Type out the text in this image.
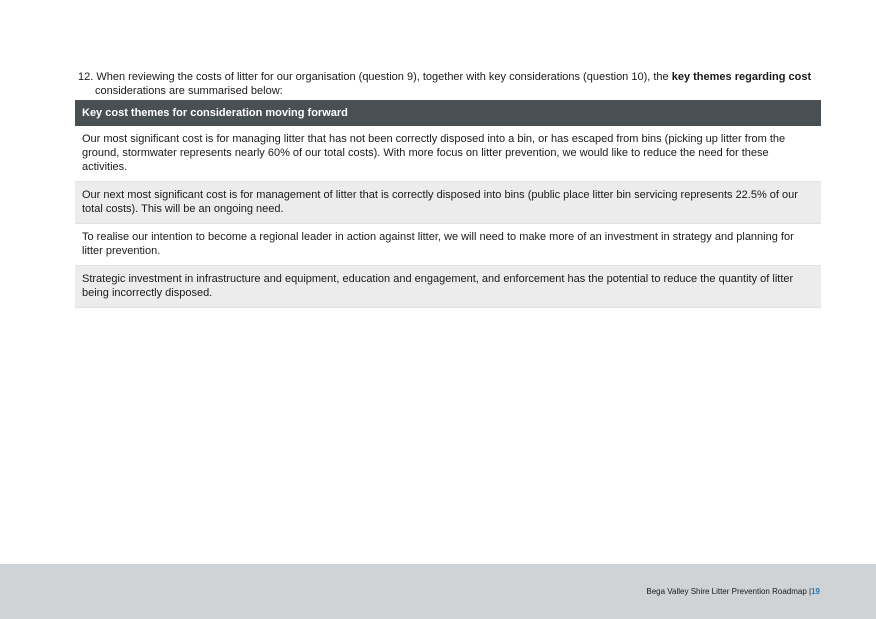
12. When reviewing the costs of litter for our organisation (question 9), together with key considerations (question 10), the key themes regarding cost considerations are summarised below:

Key cost themes for consideration moving forward
Our most significant cost is for managing litter that has not been correctly disposed into a bin, or has escaped from bins (picking up litter from the ground, stormwater represents nearly 60% of our total costs). With more focus on litter prevention, we would like to reduce the need for these activities.
Our next most significant cost is for management of litter that is correctly disposed into bins (public place litter bin servicing represents 22.5% of our total costs). This will be an ongoing need.
To realise our intention to become a regional leader in action against litter, we will need to make more of an investment in strategy and planning for litter prevention.
Strategic investment in infrastructure and equipment, education and engagement, and enforcement has the potential to reduce the quantity of litter being incorrectly disposed.
Bega Valley Shire Litter Prevention Roadmap |19
